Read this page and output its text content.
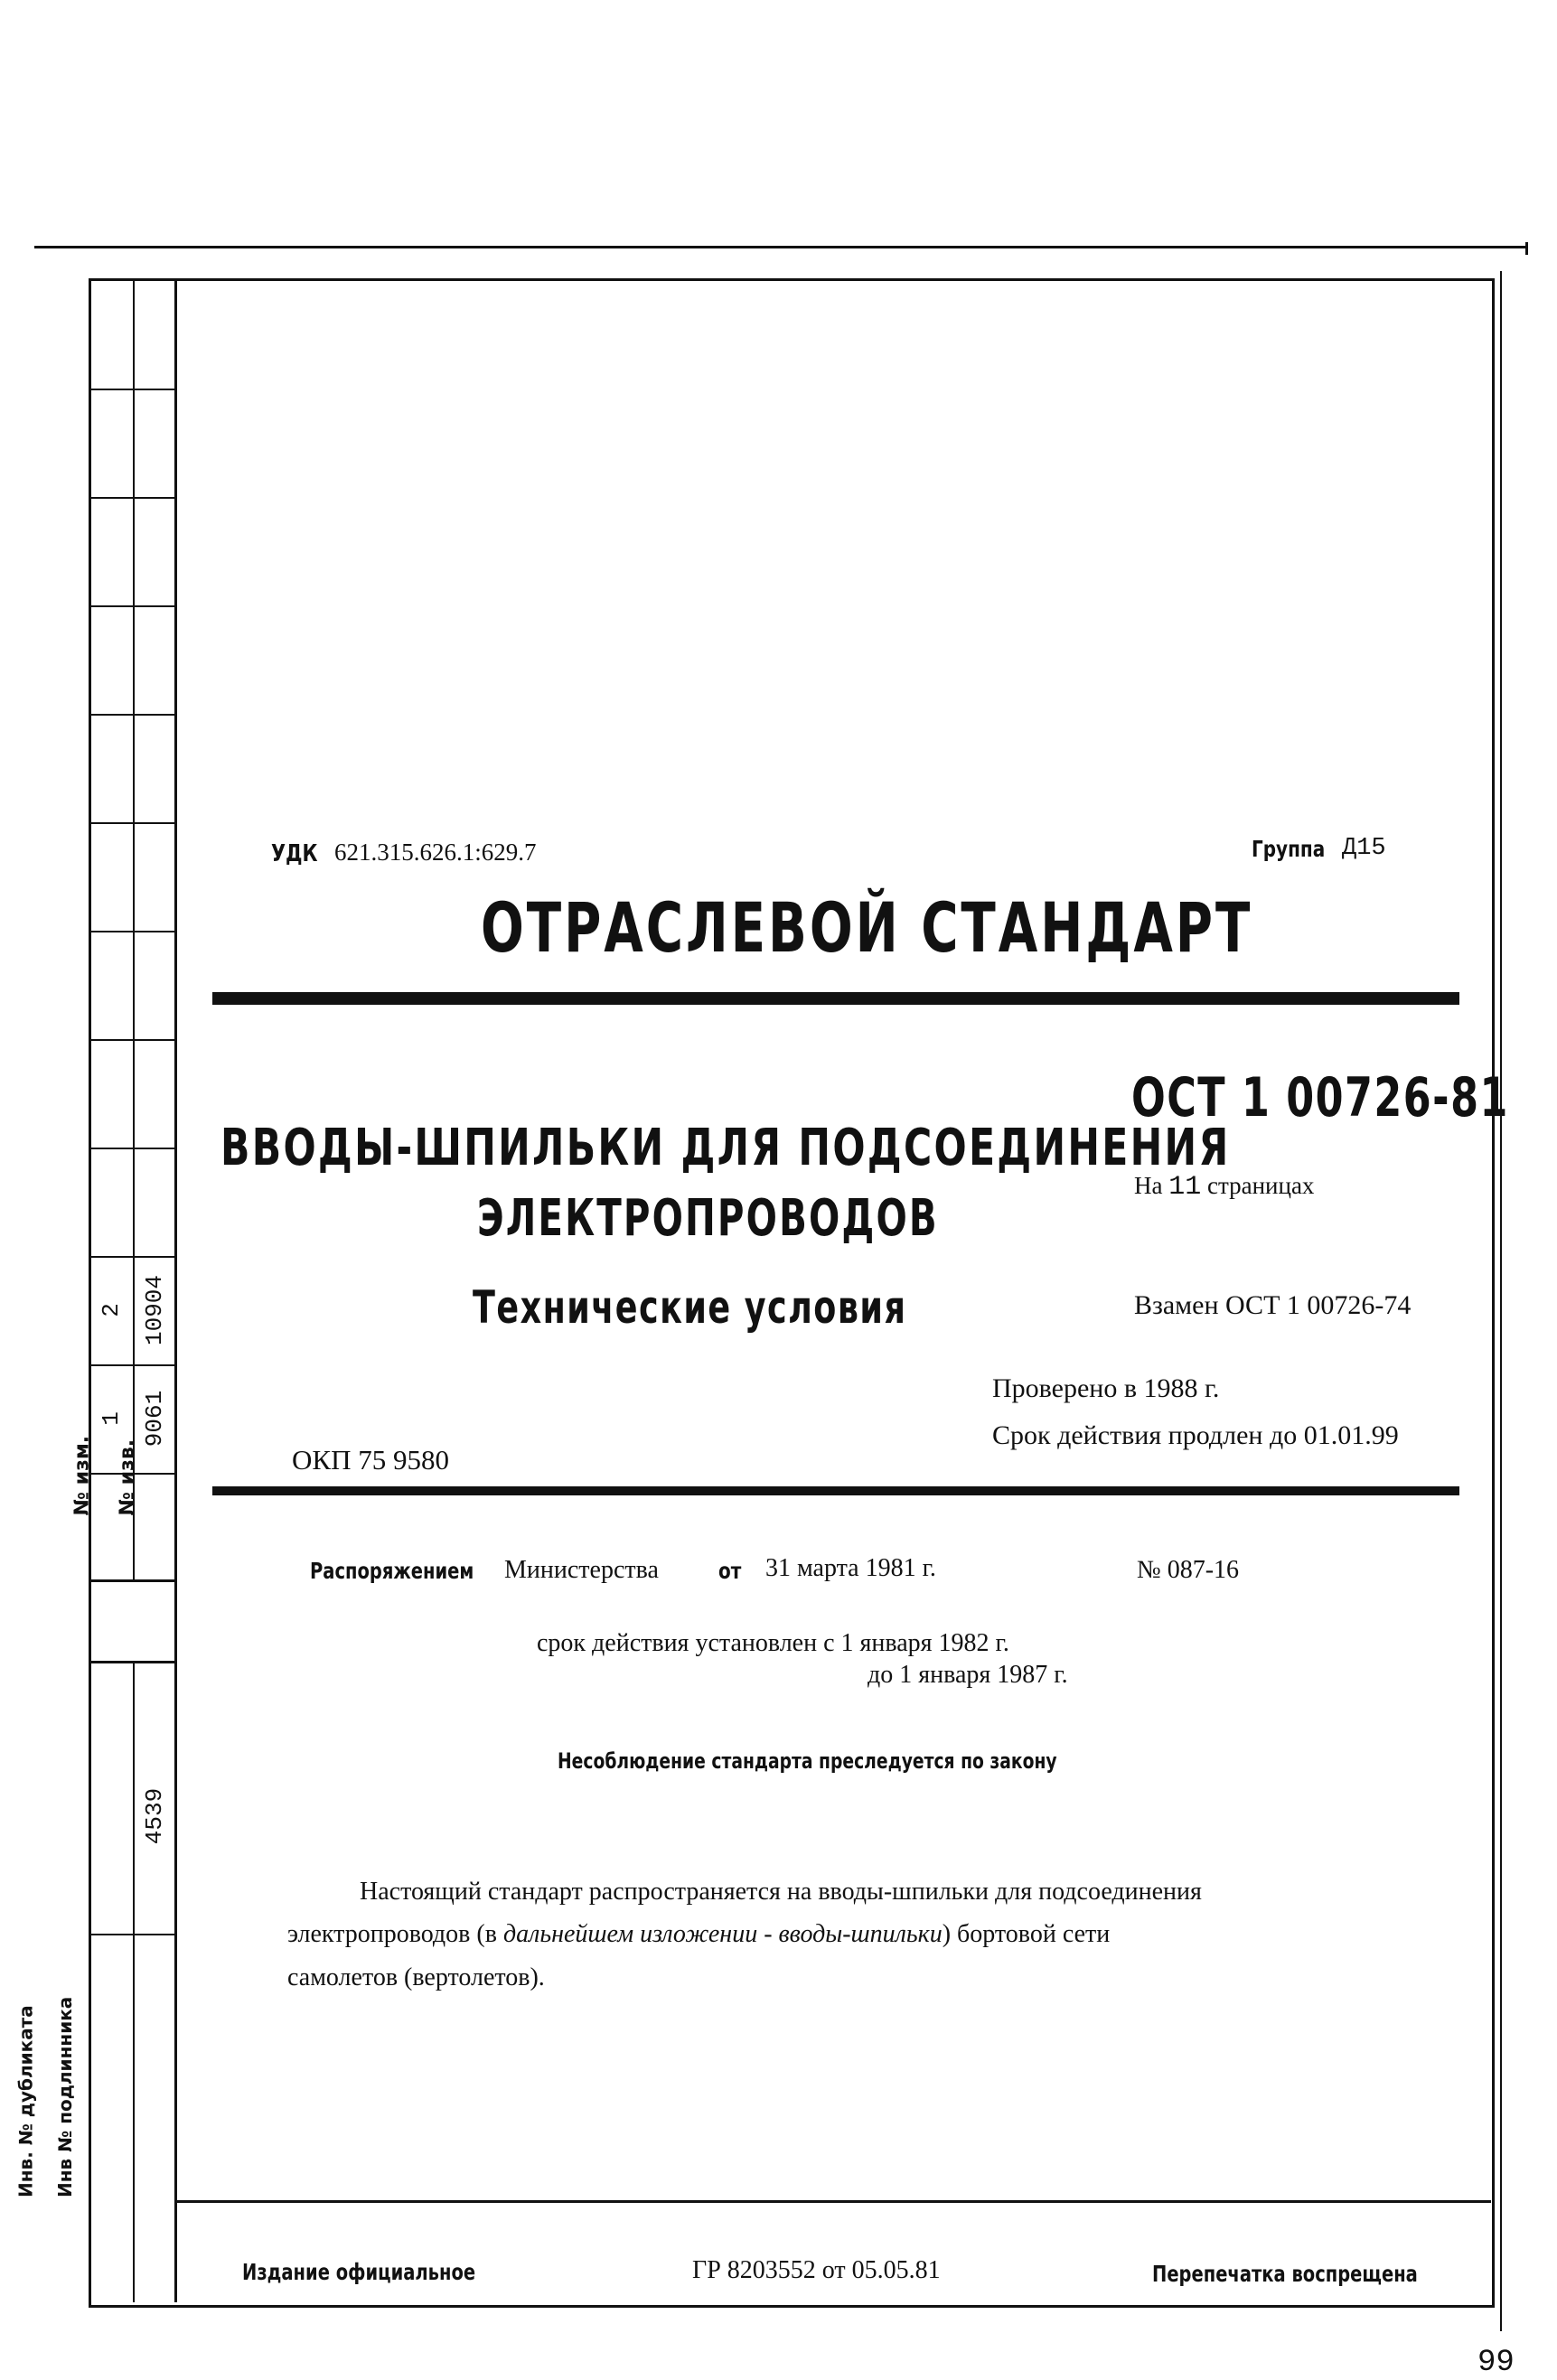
№ изм. № изв.
1 9061
2 10904
Инв. № дубликата Инв № подлинника
4539
УДК 621.315.626.1:629.7	Группа Д15
ОТРАСЛЕВОЙ СТАНДАРТ
ВВОДЫ-ШПИЛЬКИ ДЛЯ ПОДСОЕДИНЕНИЯ
ЭЛЕКТРОПРОВОДОВ
Технические условия
ОСТ 1 00726-81
На 11 страницах
Взамен ОСТ 1 00726-74
Проверено в 1988 г.
Срок действия продлен до 01.01.99
ОКП 75 9580
Распоряжением Министерства	от 31 марта 1981 г.	№ 087-16
срок действия установлен с 1 января 1982 г.
до 1 января 1987 г.
Несоблюдение стандарта преследуется по закону
Настоящий стандарт распространяется на вводы-шпильки для подсоединения
электропроводов (в дальнейшем изложении - вводы-шпильки) бортовой сети
самолетов (вертолетов).
Издание официальное	ГР 8203552 от 05.05.81	Перепечатка воспрещена
99
